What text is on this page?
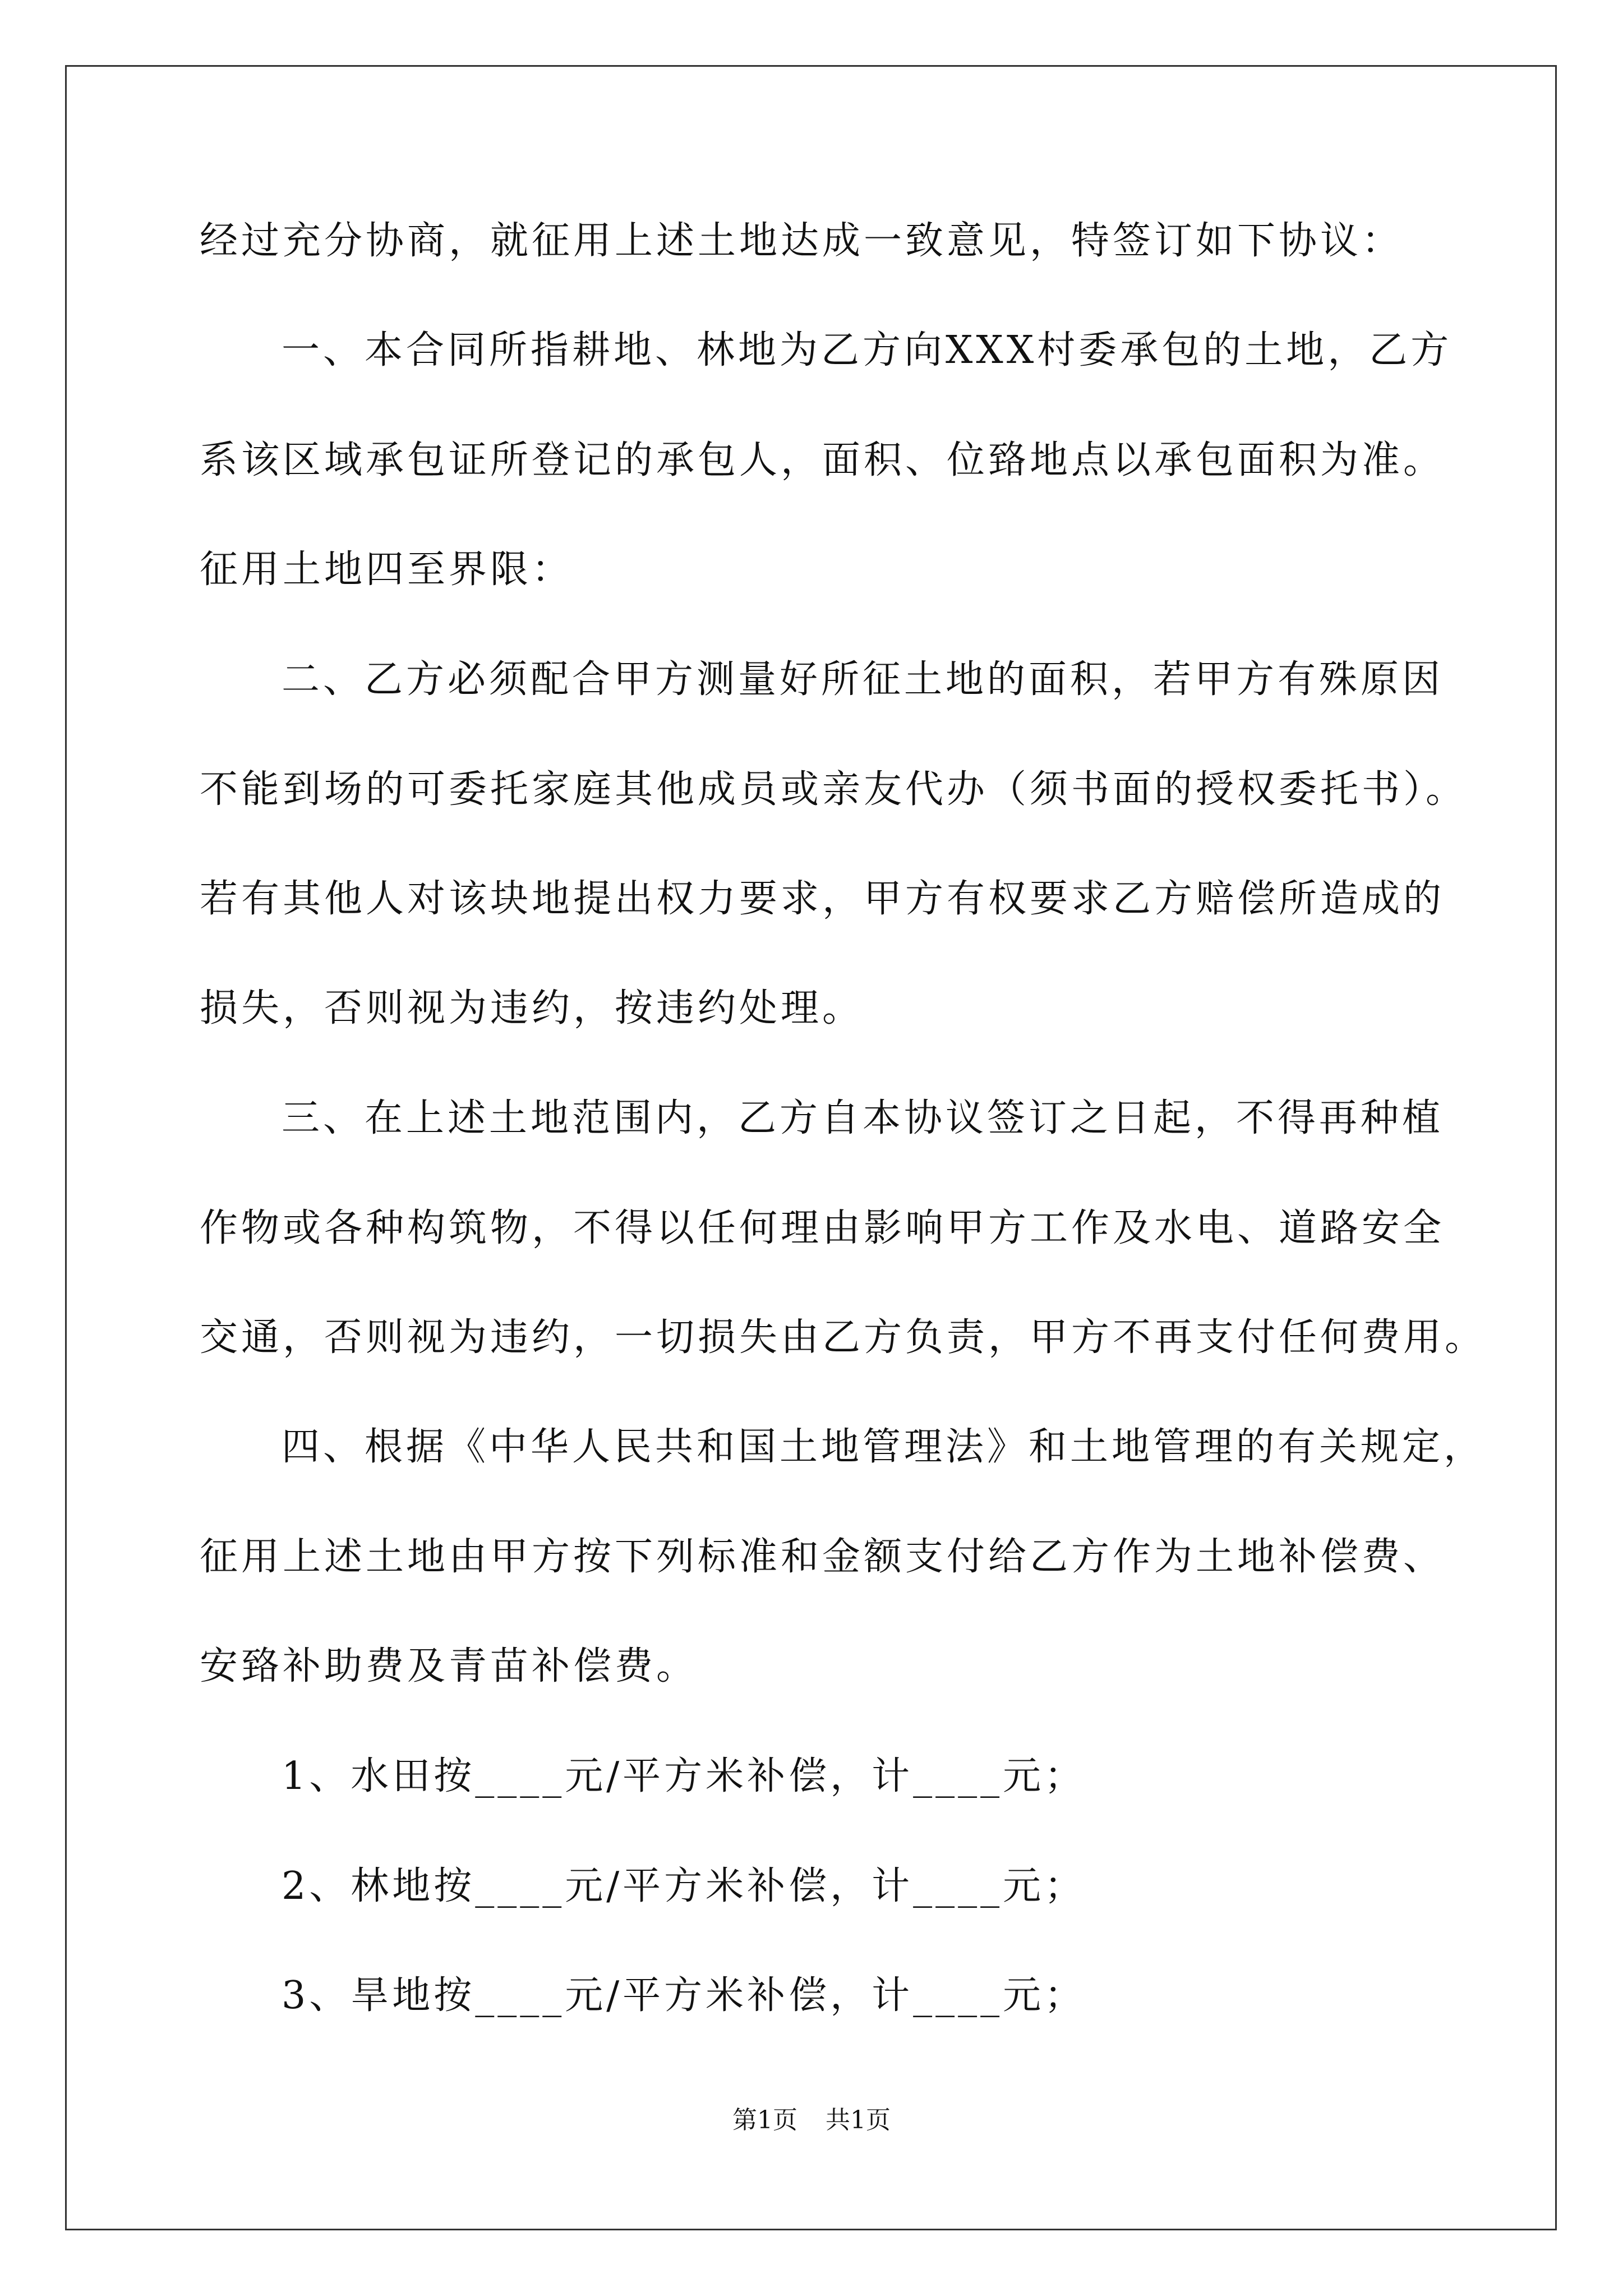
经过充分协商，就征用上述土地达成一致意见，特签订如下协议：
一、本合同所指耕地、林地为乙方向XXX村委承包的土地，乙方
系该区域承包证所登记的承包人，面积、位臵地点以承包面积为准。
征用土地四至界限：
二、乙方必须配合甲方测量好所征土地的面积，若甲方有殊原因
不能到场的可委托家庭其他成员或亲友代办（须书面的授权委托书）。
若有其他人对该块地提出权力要求，甲方有权要求乙方赔偿所造成的
损失，否则视为违约，按违约处理。
三、在上述土地范围内，乙方自本协议签订之日起，不得再种植
作物或各种构筑物，不得以任何理由影响甲方工作及水电、道路安全
交通，否则视为违约，一切损失由乙方负责，甲方不再支付任何费用。
四、根据《中华人民共和国土地管理法》和土地管理的有关规定，
征用上述土地由甲方按下列标准和金额支付给乙方作为土地补偿费、
安臵补助费及青苗补偿费。
1、水田按____元/平方米补偿，计____元；
2、林地按____元/平方米补偿，计____元；
3、旱地按____元/平方米补偿，计____元；
第1页 共1页
